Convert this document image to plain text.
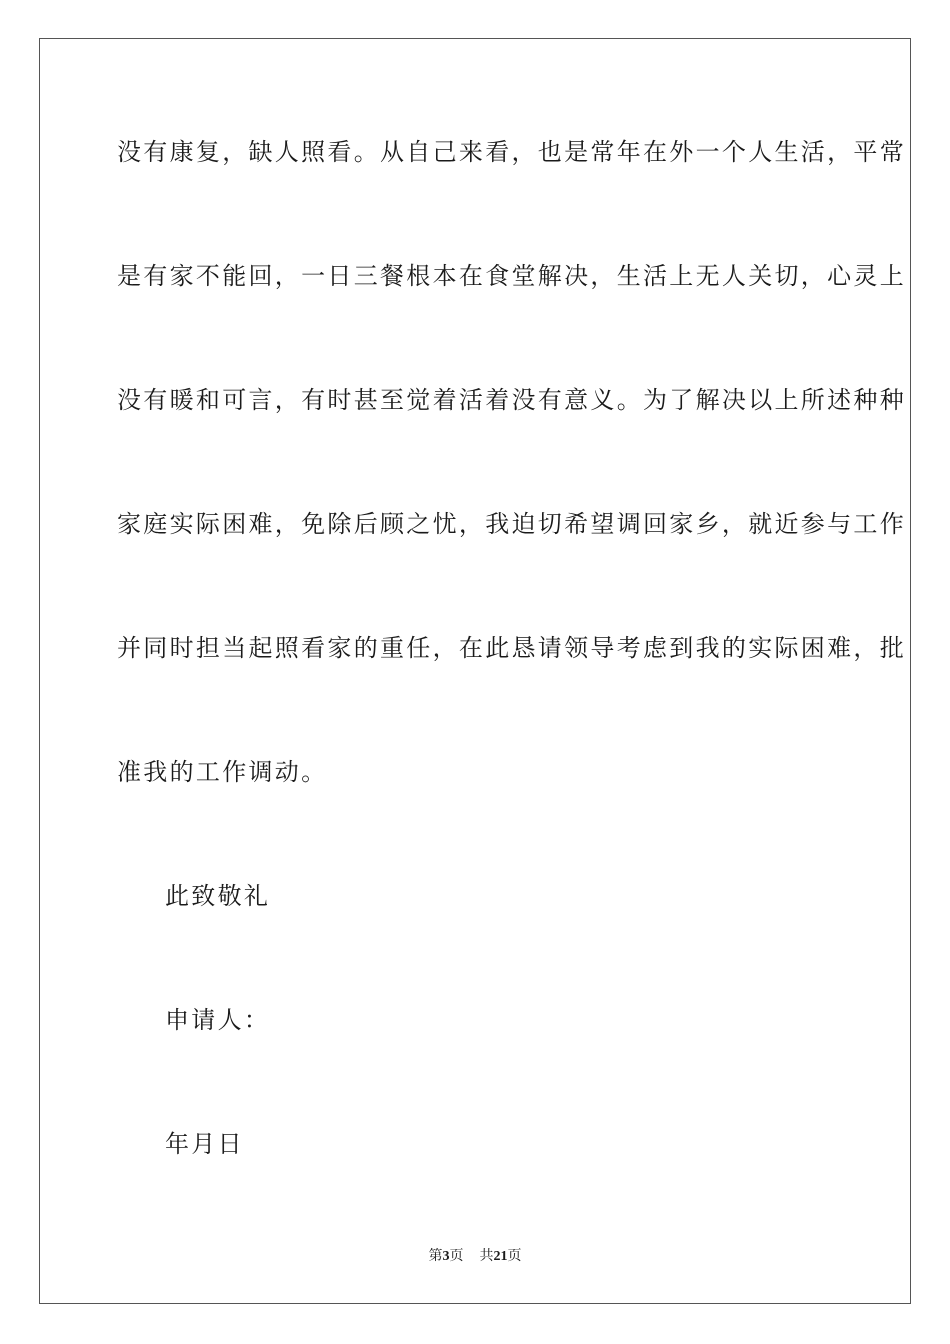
没有康复，缺人照看。从自己来看，也是常年在外一个人生活，平常
是有家不能回，一日三餐根本在食堂解决，生活上无人关切，心灵上
没有暖和可言，有时甚至觉着活着没有意义。为了解决以上所述种种
家庭实际困难，免除后顾之忧，我迫切希望调回家乡，就近参与工作
并同时担当起照看家的重任，在此恳请领导考虑到我的实际困难，批
准我的工作调动。
此致敬礼
申请人：
年月日
第3页 共21页
